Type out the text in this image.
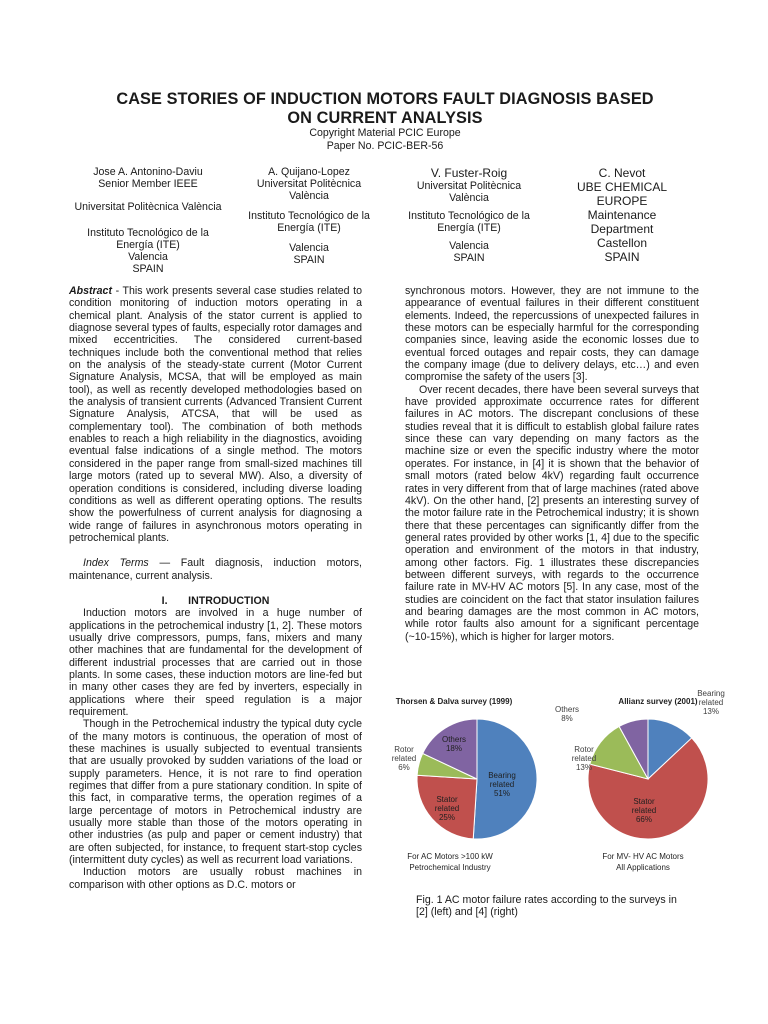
CASE STORIES OF INDUCTION MOTORS FAULT DIAGNOSIS BASED
ON CURRENT ANALYSIS
Copyright Material PCIC Europe
Paper No. PCIC-BER-56
Jose A. Antonino-Daviu
Senior Member IEEE
Universitat Politècnica València
Instituto Tecnológico de la
Energía (ITE)
Valencia
SPAIN
A. Quijano-Lopez
Universitat Politècnica
València
Instituto Tecnológico de la
Energía (ITE)
Valencia
SPAIN
V. Fuster-Roig
Universitat Politècnica
València
Instituto Tecnológico de la
Energía (ITE)
Valencia
SPAIN
C. Nevot
UBE CHEMICAL
EUROPE
Maintenance
Department
Castellon
SPAIN

Abstract - This work presents several case studies related to condition monitoring of induction motors operating in a chemical plant. Analysis of the stator current is applied to diagnose several types of faults, especially rotor damages and mixed eccentricities. The considered current-based techniques include both the conventional method that relies on the analysis of the steady-state current (Motor Current Signature Analysis, MCSA, that will be employed as main tool), as well as recently developed methodologies based on the analysis of transient currents (Advanced Transient Current Signature Analysis, ATCSA, that will be used as complementary tool). The combination of both methods enables to reach a high reliability in the diagnostics, avoiding eventual false indications of a single method. The motors considered in the paper range from small-sized machines till large motors (rated up to several MW). Also, a diversity of operation conditions is considered, including diverse loading conditions as well as different operating options. The results show the powerfulness of current analysis for diagnosing a wide range of failures in asynchronous motors operating in petrochemical plants.

Index Terms — Fault diagnosis, induction motors, maintenance, current analysis.

I.       INTRODUCTION

Induction motors are involved in a huge number of applications in the petrochemical industry [1, 2]. These motors usually drive compressors, pumps, fans, mixers and many other machines that are fundamental for the development of different industrial processes that are carried out in those plants. In some cases, these induction motors are line-fed but in many other cases they are fed by inverters, especially in applications where their speed regulation is a major requirement.

Though in the Petrochemical industry the typical duty cycle of the many motors is continuous, the operation of most of these machines is usually subjected to eventual transients that are usually provoked by sudden variations of the load or supply parameters. Hence, it is not rare to find operation regimes that differ from a pure stationary condition. In spite of this fact, in comparative terms, the operation regimes of a large percentage of motors in Petrochemical industry are usually more stable than those of the motors operating in other industries (as pulp and paper or cement industry) that are often subjected, for instance, to frequent start-stop cycles (intermittent duty cycles) as well as recurrent load variations.

Induction motors are usually robust machines in comparison with other options as D.C. motors or

synchronous motors. However, they are not immune to the appearance of eventual failures in their different constituent elements. Indeed, the repercussions of unexpected failures in these motors can be especially harmful for the corresponding companies since, leaving aside the economic losses due to eventual forced outages and repair costs, they can damage the company image (due to delivery delays, etc…) and even compromise the safety of the users [3].

Over recent decades, there have been several surveys that have provided approximate occurrence rates for different failures in AC motors. The discrepant conclusions of these studies reveal that it is difficult to establish global failure rates since these can vary depending on many factors as the machine size or even the specific industry where the motor operates. For instance, in [4] it is shown that the behavior of small motors (rated below 4kV) regarding fault occurrence rates in very different from that of large machines (rated above 4kV). On the other hand, [2] presents an interesting survey of the motor failure rate in the Petrochemical industry; it is shown there that these percentages can significantly differ from the general rates provided by other works [1, 4] due to the specific operation and environment of the motors in that industry, among other factors. Fig. 1 illustrates these discrepancies between different surveys, with regards to the occurrence failure rate in MV-HV AC motors [5]. In any case, most of the studies are coincident on the fact that stator insulation failures and bearing damages are the most common in AC motors, while rotor faults also amount for a significant percentage (~10-15%), which is higher for larger motors.

Thorsen & Dalva survey (1999)
For AC Motors >100 kW
Petrochemical Industry
Bearing
related
51%
Stator
related
25%
Rotor
related
6%
Others
18%
Allianz survey (2001)
For MV- HV AC Motors
All Applications
Bearing
related
13%
Stator
related
66%
Rotor
related
13%
Others
8%
Fig. 1 AC motor failure rates according to the surveys in
[2] (left) and [4] (right)
